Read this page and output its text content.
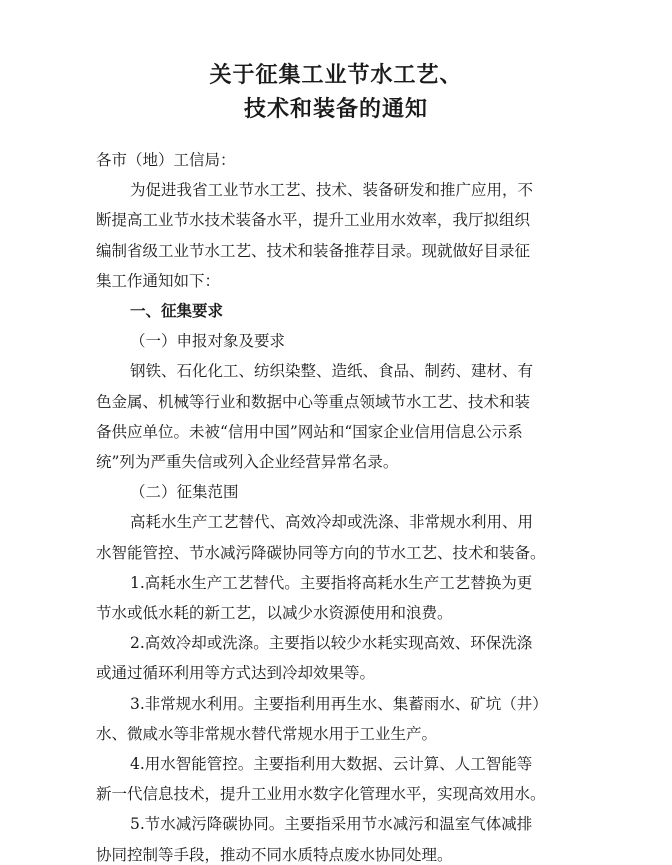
关于征集工业节水工艺、
技术和装备的通知
各市（地）工信局：
为促进我省工业节水工艺、技术、装备研发和推广应用，不
断提高工业节水技术装备水平，提升工业用水效率，我厅拟组织
编制省级工业节水工艺、技术和装备推荐目录。现就做好目录征
集工作通知如下：
一、征集要求
（一）申报对象及要求
钢铁、石化化工、纺织染整、造纸、食品、制药、建材、有
色金属、机械等行业和数据中心等重点领域节水工艺、技术和装
备供应单位。未被“信用中国”网站和“国家企业信用信息公示系
统”列为严重失信或列入企业经营异常名录。
（二）征集范围
高耗水生产工艺替代、高效冷却或洗涤、非常规水利用、用
水智能管控、节水减污降碳协同等方向的节水工艺、技术和装备。
1.高耗水生产工艺替代。主要指将高耗水生产工艺替换为更
节水或低水耗的新工艺，以减少水资源使用和浪费。
2.高效冷却或洗涤。主要指以较少水耗实现高效、环保洗涤
或通过循环利用等方式达到冷却效果等。
3.非常规水利用。主要指利用再生水、集蓄雨水、矿坑（井）
水、微咸水等非常规水替代常规水用于工业生产。
4.用水智能管控。主要指利用大数据、云计算、人工智能等
新一代信息技术，提升工业用水数字化管理水平，实现高效用水。
5.节水减污降碳协同。主要指采用节水减污和温室气体减排
协同控制等手段，推动不同水质特点废水协同处理。
